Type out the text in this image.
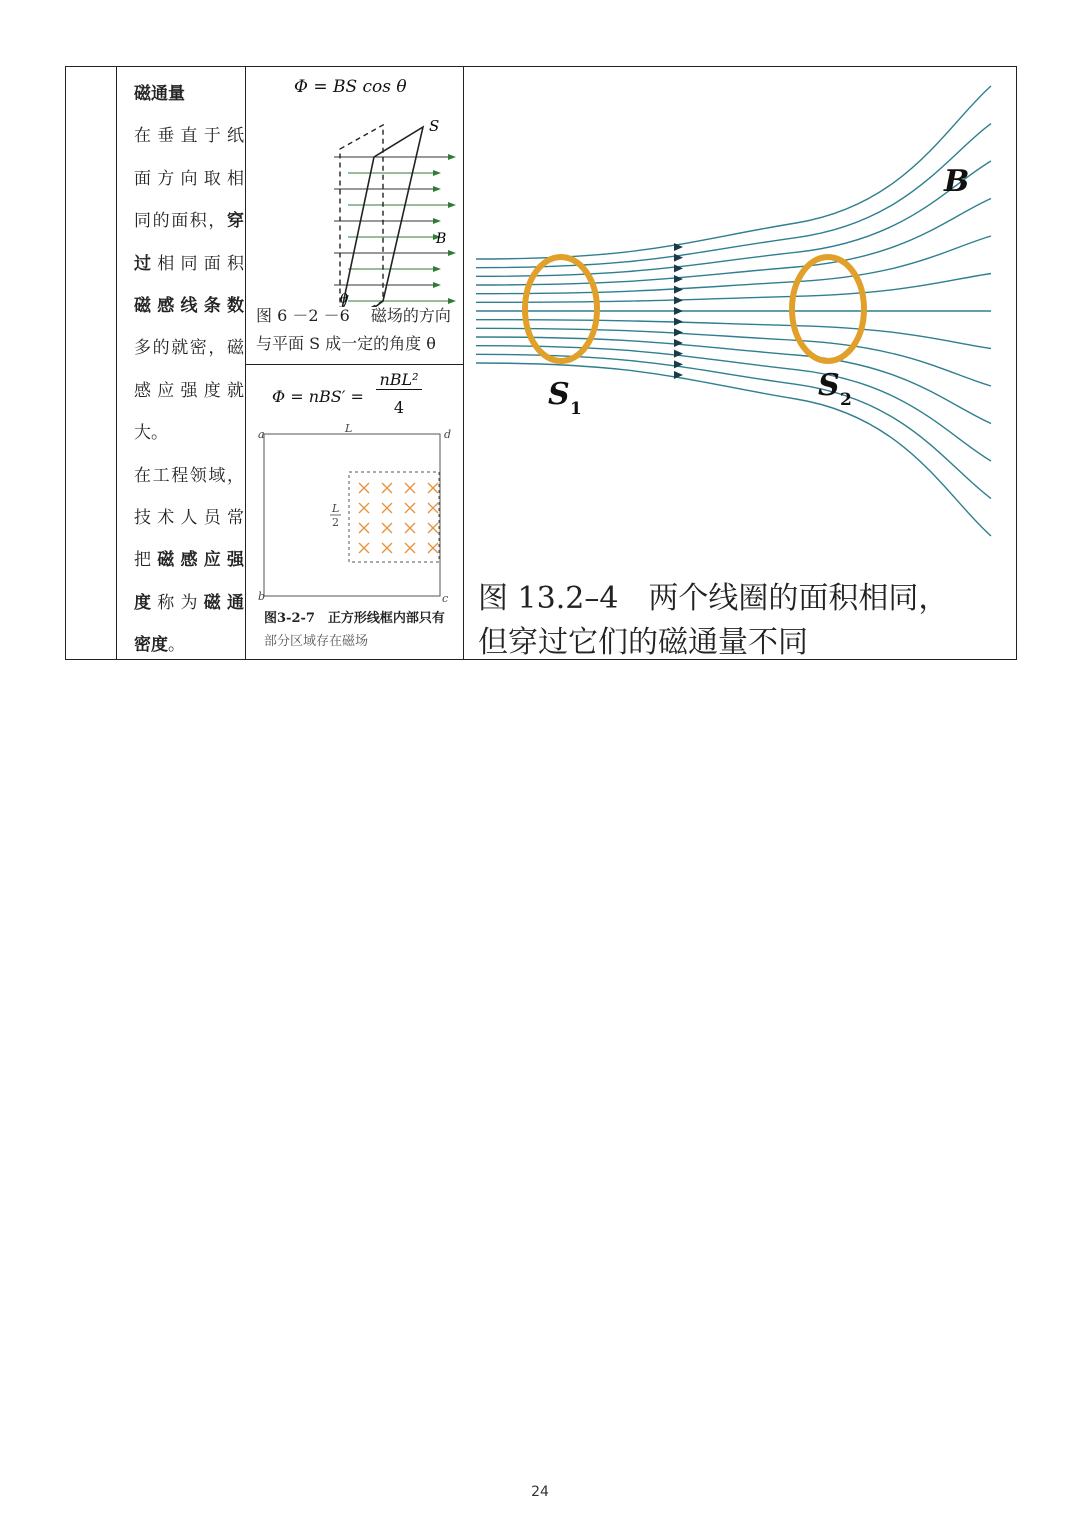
磁通量
在垂直于纸
面方向取相
同的面积，穿
过相同面积
磁感线条数
多的就密，磁
感应强度就
大。
在工程领域，
技术人员常
把磁感应强
度称为磁通
密度。
Φ = BS cos θ
S
B
θ
图 6 －2 －6　 磁场的方向
与平面 S 成一定的角度 θ
Φ = nBS′ =
nBL²
4
a	d
b	c
L
L
2
图3-2-7　正方形线框内部只有
部分区域存在磁场
B
S 1
S 2
图 13.2–4　两个线圈的面积相同，
但穿过它们的磁通量不同
24
